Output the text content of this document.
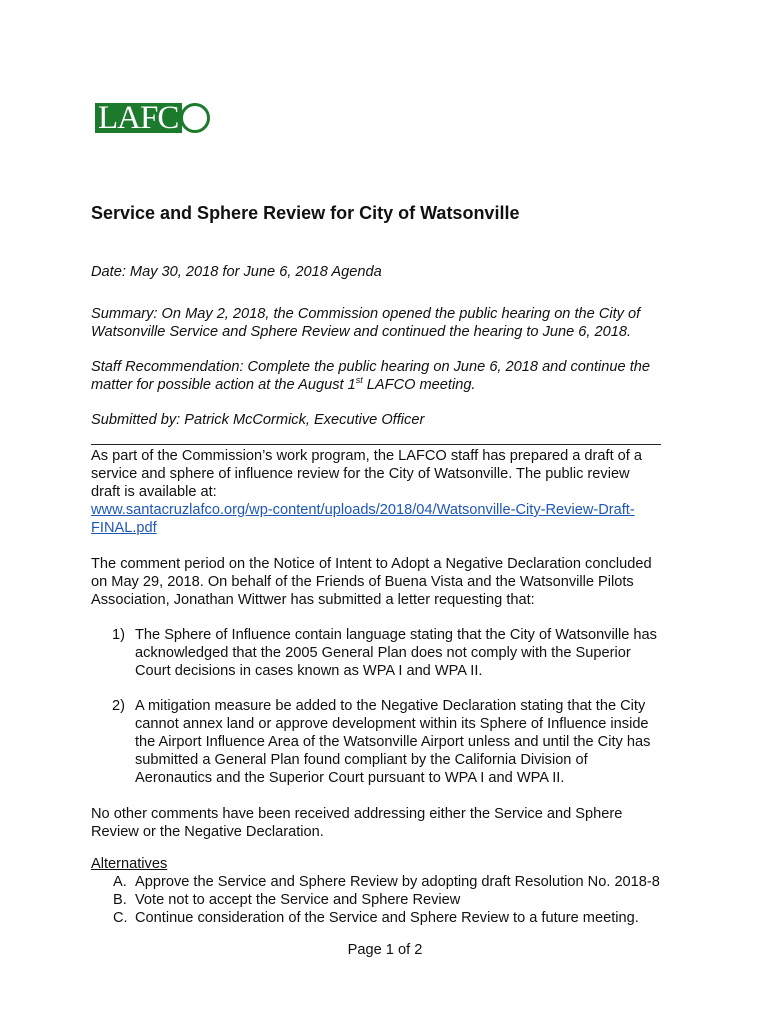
LAFC
Service and Sphere Review for City of Watsonville
Date: May 30, 2018 for June 6, 2018 Agenda
Summary: On May 2, 2018, the Commission opened the public hearing on the City of
Watsonville Service and Sphere Review and continued the hearing to June 6, 2018.
Staff Recommendation: Complete the public hearing on June 6, 2018 and continue the
matter for possible action at the August 1st LAFCO meeting.
Submitted by: Patrick McCormick, Executive Officer
As part of the Commission’s work program, the LAFCO staff has prepared a draft of a
service and sphere of influence review for the City of Watsonville. The public review
draft is available at:
www.santacruzlafco.org/wp-content/uploads/2018/04/Watsonville-City-Review-Draft-
FINAL.pdf
The comment period on the Notice of Intent to Adopt a Negative Declaration concluded
on May 29, 2018. On behalf of the Friends of Buena Vista and the Watsonville Pilots
Association, Jonathan Wittwer has submitted a letter requesting that:
1) The Sphere of Influence contain language stating that the City of Watsonville has
acknowledged that the 2005 General Plan does not comply with the Superior
Court decisions in cases known as WPA I and WPA II.
2) A mitigation measure be added to the Negative Declaration stating that the City
cannot annex land or approve development within its Sphere of Influence inside
the Airport Influence Area of the Watsonville Airport unless and until the City has
submitted a General Plan found compliant by the California Division of
Aeronautics and the Superior Court pursuant to WPA I and WPA II.
No other comments have been received addressing either the Service and Sphere
Review or the Negative Declaration.
Alternatives
A. Approve the Service and Sphere Review by adopting draft Resolution No. 2018-8
B. Vote not to accept the Service and Sphere Review
C. Continue consideration of the Service and Sphere Review to a future meeting.
Page 1 of 2
